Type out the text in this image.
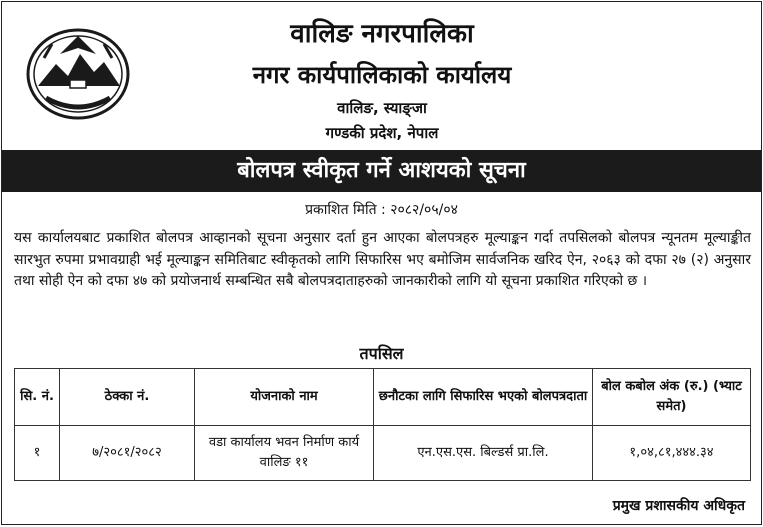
वालिङ नगरपालिका
नगर कार्यपालिकाको कार्यालय
वालिङ, स्याङ्जा
गण्डकी प्रदेश, नेपाल
बोलपत्र स्वीकृत गर्ने आशयको सूचना
प्रकाशित मिति : २०८२/०५/०४
यस कार्यालयबाट प्रकाशित बोलपत्र आव्हानको सूचना अनुसार दर्ता हुन आएका बोलपत्रहरु मूल्याङ्कन गर्दा तपसिलको बोलपत्र न्यूनतम मूल्याङ्कीत सारभुत रुपमा प्रभावग्राही भई मूल्याङ्कन समितिबाट स्वीकृतको लागि सिफारिस भए बमोजिम सार्वजनिक खरिद ऐन, २०६३ को दफा २७ (२) अनुसार तथा सोही ऐन को दफा ४७ को प्रयोजनार्थ सम्बन्धित सबै बोलपत्रदाताहरुको जानकारीको लागि यो सूचना प्रकाशित गरिएको छ ।
तपसिल
सि. नं.	ठेक्का नं.	योजनाको नाम	छनौटका लागि सिफारिस भएको बोलपत्रदाता	बोल कबोल अंक (रु.) (भ्याट समेत)
१	७/२०८१/२०८२	वडा कार्यालय भवन निर्माण कार्य वालिङ ११	एन.एस.एस. बिल्डर्स प्रा.लि.	१,०४,८१,४४४.३४
प्रमुख प्रशासकीय अधिकृत
